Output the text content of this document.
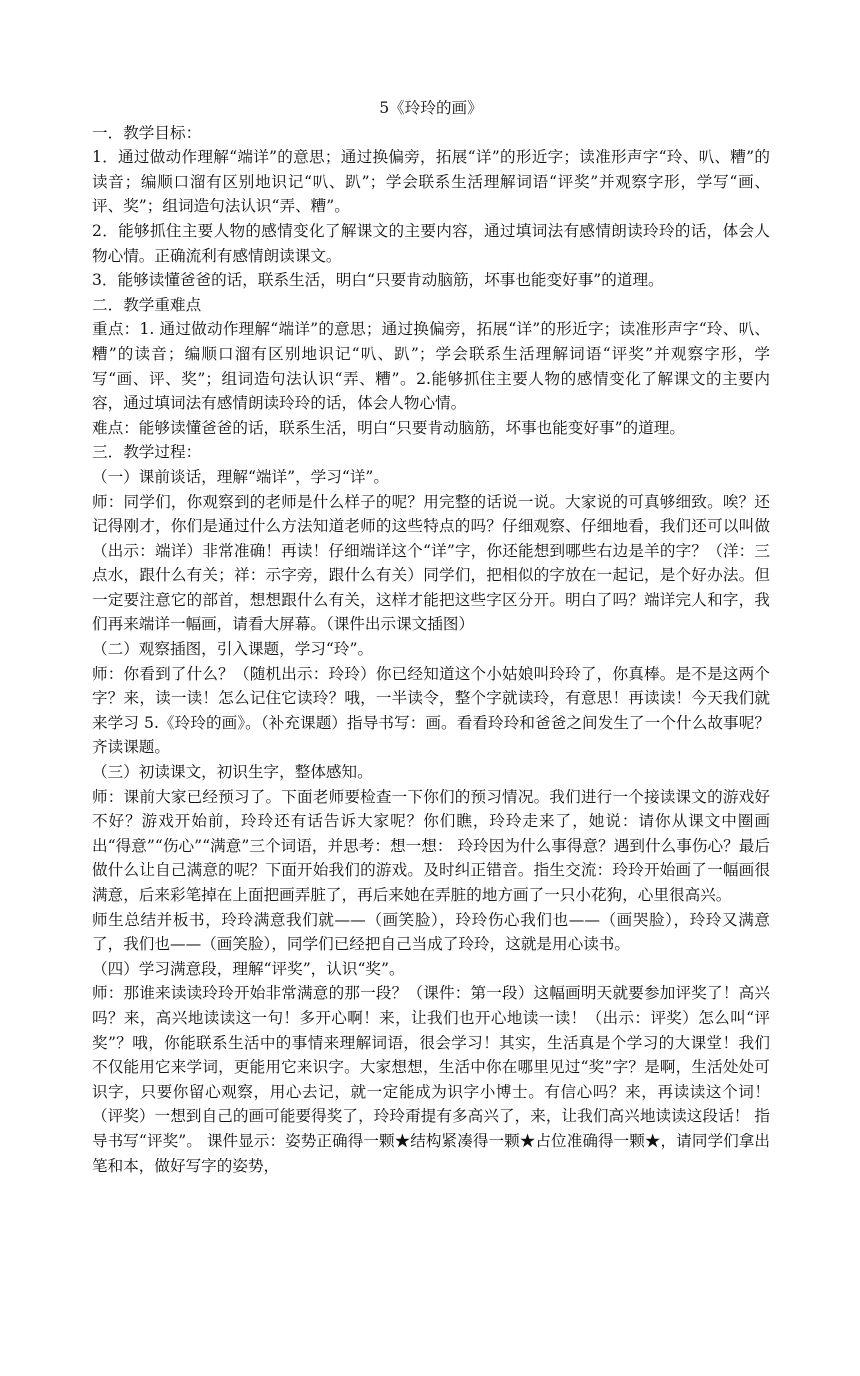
5《玲玲的画》

一．教学目标：

1．通过做动作理解“端详”的意思；通过换偏旁，拓展“详”的形近字；读准形声字“玲、叭、糟”的读音；编顺口溜有区别地识记“叭、趴”；学会联系生活理解词语“评奖”并观察字形，学写“画、评、奖”；组词造句法认识“弄、糟”。

2．能够抓住主要人物的感情变化了解课文的主要内容，通过填词法有感情朗读玲玲的话，体会人物心情。正确流利有感情朗读课文。

3．能够读懂爸爸的话，联系生活，明白“只要肯动脑筋，坏事也能变好事”的道理。

二．教学重难点

重点：1. 通过做动作理解“端详”的意思；通过换偏旁，拓展“详”的形近字；读准形声字“玲、叭、糟”的读音；编顺口溜有区别地识记“叭、趴”；学会联系生活理解词语“评奖”并观察字形，学写“画、评、奖”；组词造句法认识“弄、糟”。2.能够抓住主要人物的感情变化了解课文的主要内容，通过填词法有感情朗读玲玲的话，体会人物心情。

难点：能够读懂爸爸的话，联系生活，明白“只要肯动脑筋，坏事也能变好事”的道理。

三．教学过程：

（一）课前谈话，理解“端详”，学习“详”。

师：同学们，你观察到的老师是什么样子的呢？用完整的话说一说。大家说的可真够细致。唉？还记得刚才，你们是通过什么方法知道老师的这些特点的吗？仔细观察、仔细地看，我们还可以叫做（出示：端详）非常准确！再读！仔细端详这个“详”字，你还能想到哪些右边是羊的字？（洋：三点水，跟什么有关；祥：示字旁，跟什么有关）同学们，把相似的字放在一起记，是个好办法。但一定要注意它的部首，想想跟什么有关，这样才能把这些字区分开。明白了吗？端详完人和字，我们再来端详一幅画，请看大屏幕。（课件出示课文插图）

（二）观察插图，引入课题，学习“玲”。

师：你看到了什么？（随机出示：玲玲）你已经知道这个小姑娘叫玲玲了，你真棒。是不是这两个字？来，读一读！怎么记住它读玲？哦，一半读令，整个字就读玲，有意思！再读读！今天我们就来学习 5.《玲玲的画》。（补充课题）指导书写：画。看看玲玲和爸爸之间发生了一个什么故事呢？齐读课题。

（三）初读课文，初识生字，整体感知。

师：课前大家已经预习了。下面老师要检查一下你们的预习情况。我们进行一个接读课文的游戏好不好？游戏开始前，玲玲还有话告诉大家呢？你们瞧，玲玲走来了，她说：请你从课文中圈画出“得意”“伤心”“满意”三个词语，并思考：想一想： 玲玲因为什么事得意？遇到什么事伤心？最后做什么让自己满意的呢？下面开始我们的游戏。及时纠正错音。指生交流：玲玲开始画了一幅画很满意，后来彩笔掉在上面把画弄脏了，再后来她在弄脏的地方画了一只小花狗，心里很高兴。

师生总结并板书，玲玲满意我们就——（画笑脸），玲玲伤心我们也——（画哭脸），玲玲又满意了，我们也——（画笑脸），同学们已经把自己当成了玲玲，这就是用心读书。

（四）学习满意段，理解“评奖”，认识“奖”。

师：那谁来读读玲玲开始非常满意的那一段？（课件：第一段）这幅画明天就要参加评奖了！高兴吗？来，高兴地读读这一句！多开心啊！来，让我们也开心地读一读！（出示：评奖）怎么叫“评奖”？哦，你能联系生活中的事情来理解词语，很会学习！其实，生活真是个学习的大课堂！我们不仅能用它来学词，更能用它来识字。大家想想，生活中你在哪里见过“奖”字？是啊，生活处处可识字，只要你留心观察，用心去记，就一定能成为识字小博士。有信心吗？来，再读读这个词！（评奖）一想到自己的画可能要得奖了，玲玲甭提有多高兴了，来，让我们高兴地读读这段话！ 指导书写“评奖”。 课件显示：姿势正确得一颗★结构紧凑得一颗★占位准确得一颗★，请同学们拿出笔和本，做好写字的姿势，
